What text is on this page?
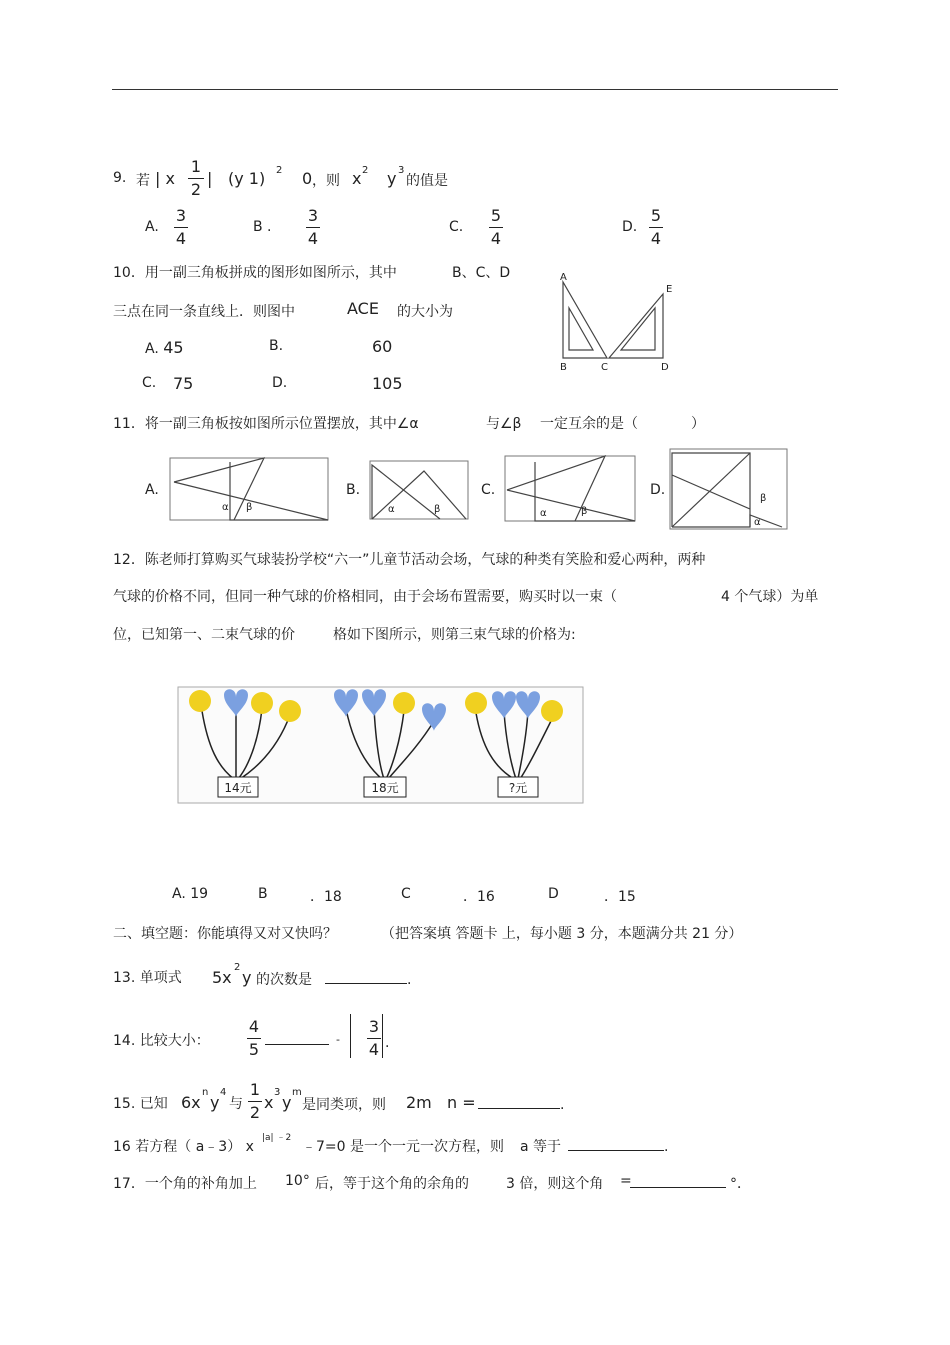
9. 若 | x
1
2
| (y 1) 2 0 ，则 x 2 y 3
的值是
A.
3
4
B .
3
4
C.
5
4
D.
5
4
10．用一副三角板拼成的图形如图所示，其中	B、C、D
三点在同一条直线上．则图中	ACE 的大小为
A. 45	B.	60
C. 75	D.	105
A
B	C	D
E
11．将一副三角板按如图所示位置摆放，其中∠α	与∠β 一定互余的是（	）
A.
α β
B.
α	β
C.
α	β
D.
β
α
12．陈老师打算购买气球装扮学校“六一”儿童节活动会场，气球的种类有笑脸和爱心两种，两种
气球的价格不同，但同一种气球的价格相同，由于会场布置需要，购买时以一束（	4 个气球）为单
位，已知第一、二束气球的价	格如下图所示，则第三束气球的价格为:
14元	18元	?元
A. 19	B	．18	C	．16	D	．15
二、填空题：你能填得又对又快吗？	（把答案填 答题卡 上，每小题 3 分，本题满分共 21 分）
13. 单项式 5x
2
y 的次数是	.
14. 比较大小：
4
5
-
3
4 .
15. 已知 6x
n
y
4
与
1
2
x
3
y
m
是同类项，则 2m n =	.
16 若方程（ a﹣3） x
|a| ﹣2
﹣7=0 是一个一元一次方程，则 a 等于	.
17．一个角的补角加上 10° 后，等于这个角的余角的	3 倍，则这个角 =	°．
